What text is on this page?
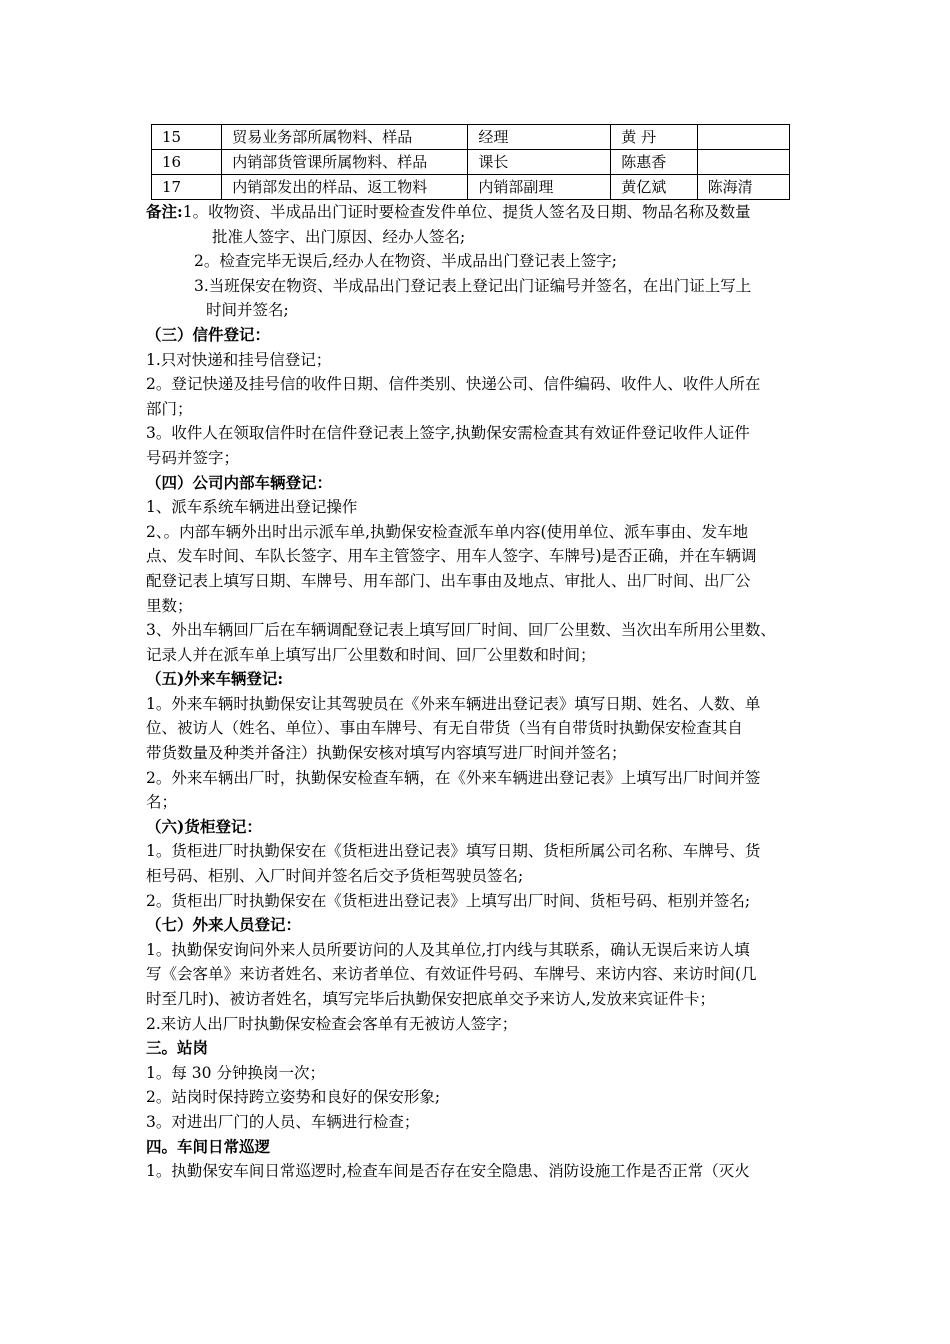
15	贸易业务部所属物料、样品	经理	黄 丹	
16	内销部货管课所属物料、样品	课长	陈惠香	
17	内销部发出的样品、返工物料	内销部副理	黄亿斌	陈海清
备注:1。收物资、半成品出门证时要检查发件单位、提货人签名及日期、物品名称及数量
批准人签字、出门原因、经办人签名;
2。检查完毕无误后,经办人在物资、半成品出门登记表上签字;
3.当班保安在物资、半成品出门登记表上登记出门证编号并签名，在出门证上写上
时间并签名;
（三）信件登记：
1.只对快递和挂号信登记；
2。登记快递及挂号信的收件日期、信件类别、快递公司、信件编码、收件人、收件人所在
部门；
3。收件人在领取信件时在信件登记表上签字,执勤保安需检查其有效证件登记收件人证件
号码并签字；
（四）公司内部车辆登记：
1、派车系统车辆进出登记操作
2、。内部车辆外出时出示派车单,执勤保安检查派车单内容(使用单位、派车事由、发车地
点、发车时间、车队长签字、用车主管签字、用车人签字、车牌号)是否正确，并在车辆调
配登记表上填写日期、车牌号、用车部门、出车事由及地点、审批人、出厂时间、出厂公
里数；
3、外出车辆回厂后在车辆调配登记表上填写回厂时间、回厂公里数、当次出车所用公里数、
记录人并在派车单上填写出厂公里数和时间、回厂公里数和时间；
（五)外来车辆登记:
1。外来车辆时执勤保安让其驾驶员在《外来车辆进出登记表》填写日期、姓名、人数、单
位、被访人（姓名、单位）、事由车牌号、有无自带货（当有自带货时执勤保安检查其自
带货数量及种类并备注）执勤保安核对填写内容填写进厂时间并签名；
2。外来车辆出厂时，执勤保安检查车辆，在《外来车辆进出登记表》上填写出厂时间并签
名；
（六)货柜登记：
1。货柜进厂时执勤保安在《货柜进出登记表》填写日期、货柜所属公司名称、车牌号、货
柜号码、柜别、入厂时间并签名后交予货柜驾驶员签名;
2。货柜出厂时执勤保安在《货柜进出登记表》上填写出厂时间、货柜号码、柜别并签名;
（七）外来人员登记：
1。执勤保安询问外来人员所要访问的人及其单位,打内线与其联系，确认无误后来访人填
写《会客单》来访者姓名、来访者单位、有效证件号码、车牌号、来访内容、来访时间(几
时至几时)、被访者姓名，填写完毕后执勤保安把底单交予来访人,发放来宾证件卡；
2.来访人出厂时执勤保安检查会客单有无被访人签字；
三。站岗
1。每 30 分钟换岗一次；
2。站岗时保持跨立姿势和良好的保安形象;
3。对进出厂门的人员、车辆进行检查；
四。车间日常巡逻
1。执勤保安车间日常巡逻时,检查车间是否存在安全隐患、消防设施工作是否正常（灭火
